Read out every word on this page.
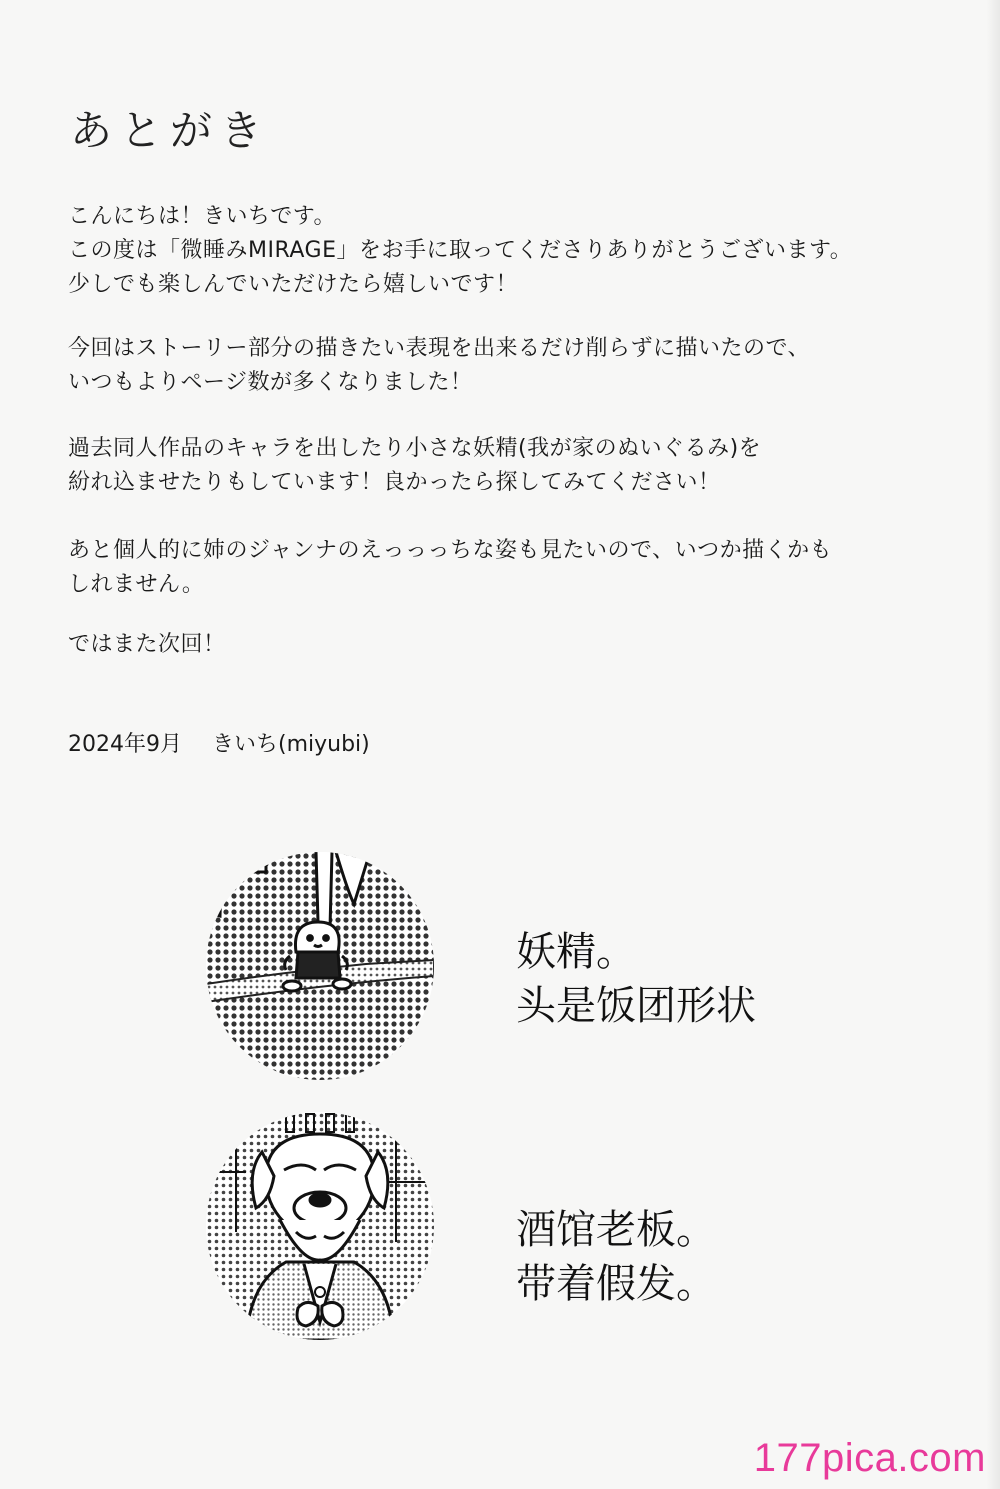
あとがき
こんにちは！きいちです。
この度は「微睡みMIRAGE」をお手に取ってくださりありがとうございます。
少しでも楽しんでいただけたら嬉しいです！
今回はストーリー部分の描きたい表現を出来るだけ削らずに描いたので、
いつもよりページ数が多くなりました！
過去同人作品のキャラを出したり小さな妖精(我が家のぬいぐるみ)を
紛れ込ませたりもしています！良かったら探してみてください！
あと個人的に姉のジャンナのえっっっちな姿も見たいので、いつか描くかも
しれません。
ではまた次回！
2024年9月 きいち(miyubi)
妖精。
头是饭团形状
酒馆老板。
带着假发。
177pica.com
